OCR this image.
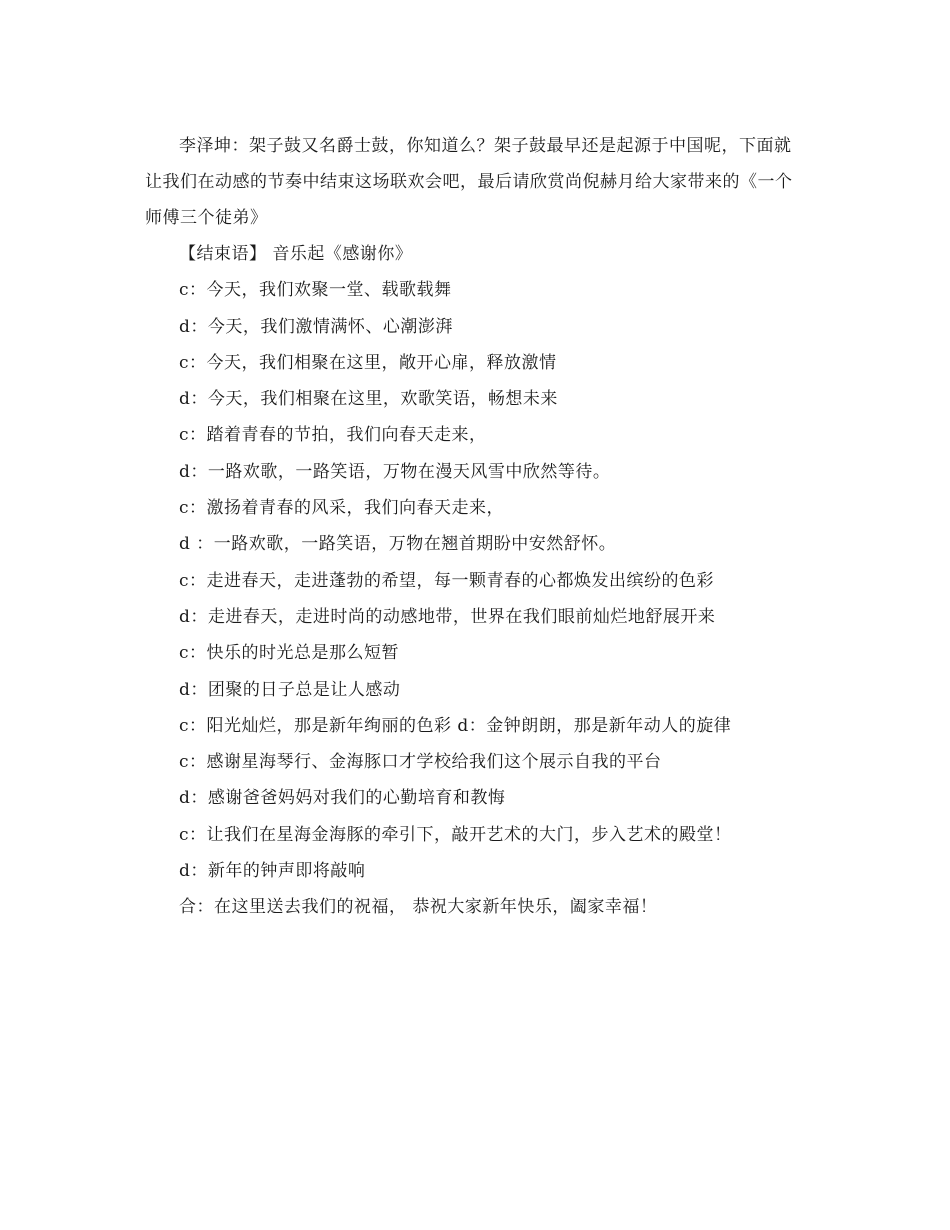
李泽坤：架子鼓又名爵士鼓，你知道么？架子鼓最早还是起源于中国呢，下面就让我们在动感的节奏中结束这场联欢会吧，最后请欣赏尚倪赫月给大家带来的《一个师傅三个徒弟》

【结束语】 音乐起《感谢你》

c：今天，我们欢聚一堂、载歌载舞

d：今天，我们激情满怀、心潮澎湃

c：今天，我们相聚在这里，敞开心扉，释放激情

d：今天，我们相聚在这里，欢歌笑语，畅想未来

c：踏着青春的节拍，我们向春天走来，

d：一路欢歌，一路笑语，万物在漫天风雪中欣然等待。

c：激扬着青春的风采，我们向春天走来，

d ：一路欢歌，一路笑语，万物在翘首期盼中安然舒怀。

c：走进春天，走进蓬勃的希望，每一颗青春的心都焕发出缤纷的色彩

d：走进春天，走进时尚的动感地带，世界在我们眼前灿烂地舒展开来

c：快乐的时光总是那么短暂

d：团聚的日子总是让人感动

c：阳光灿烂，那是新年绚丽的色彩 d：金钟朗朗，那是新年动人的旋律

c：感谢星海琴行、金海豚口才学校给我们这个展示自我的平台

d：感谢爸爸妈妈对我们的心勤培育和教悔

c：让我们在星海金海豚的牵引下，敲开艺术的大门，步入艺术的殿堂！

d：新年的钟声即将敲响

合：在这里送去我们的祝福， 恭祝大家新年快乐，阖家幸福！
